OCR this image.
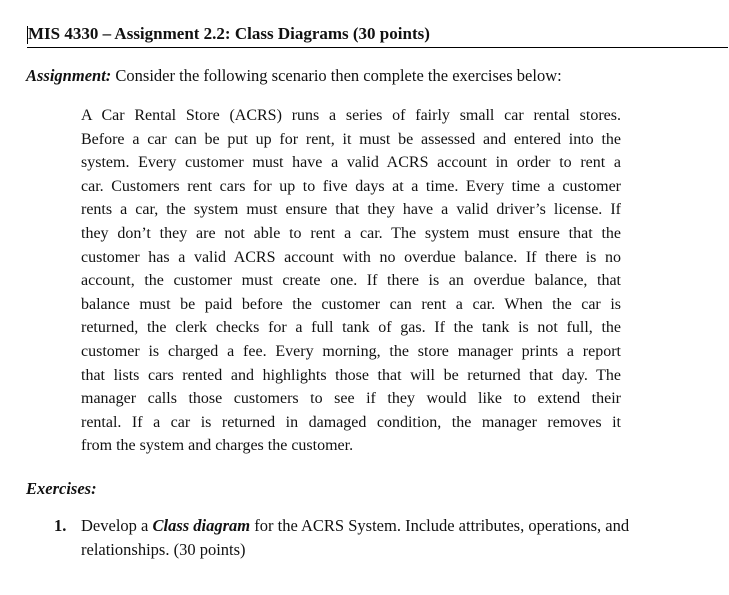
MIS 4330 – Assignment 2.2: Class Diagrams (30 points)
Assignment: Consider the following scenario then complete the exercises below:
A Car Rental Store (ACRS) runs a series of fairly small car rental stores.
Before a car can be put up for rent, it must be assessed and entered into the
system. Every customer must have a valid ACRS account in order to rent a
car. Customers rent cars for up to five days at a time. Every time a customer
rents a car, the system must ensure that they have a valid driver’s license. If
they don’t they are not able to rent a car. The system must ensure that the
customer has a valid ACRS account with no overdue balance. If there is no
account, the customer must create one. If there is an overdue balance, that
balance must be paid before the customer can rent a car. When the car is
returned, the clerk checks for a full tank of gas. If the tank is not full, the
customer is charged a fee. Every morning, the store manager prints a report
that lists cars rented and highlights those that will be returned that day. The
manager calls those customers to see if they would like to extend their
rental. If a car is returned in damaged condition, the manager removes it
from the system and charges the customer.
Exercises:
1. Develop a Class diagram for the ACRS System. Include attributes, operations, and
relationships. (30 points)
